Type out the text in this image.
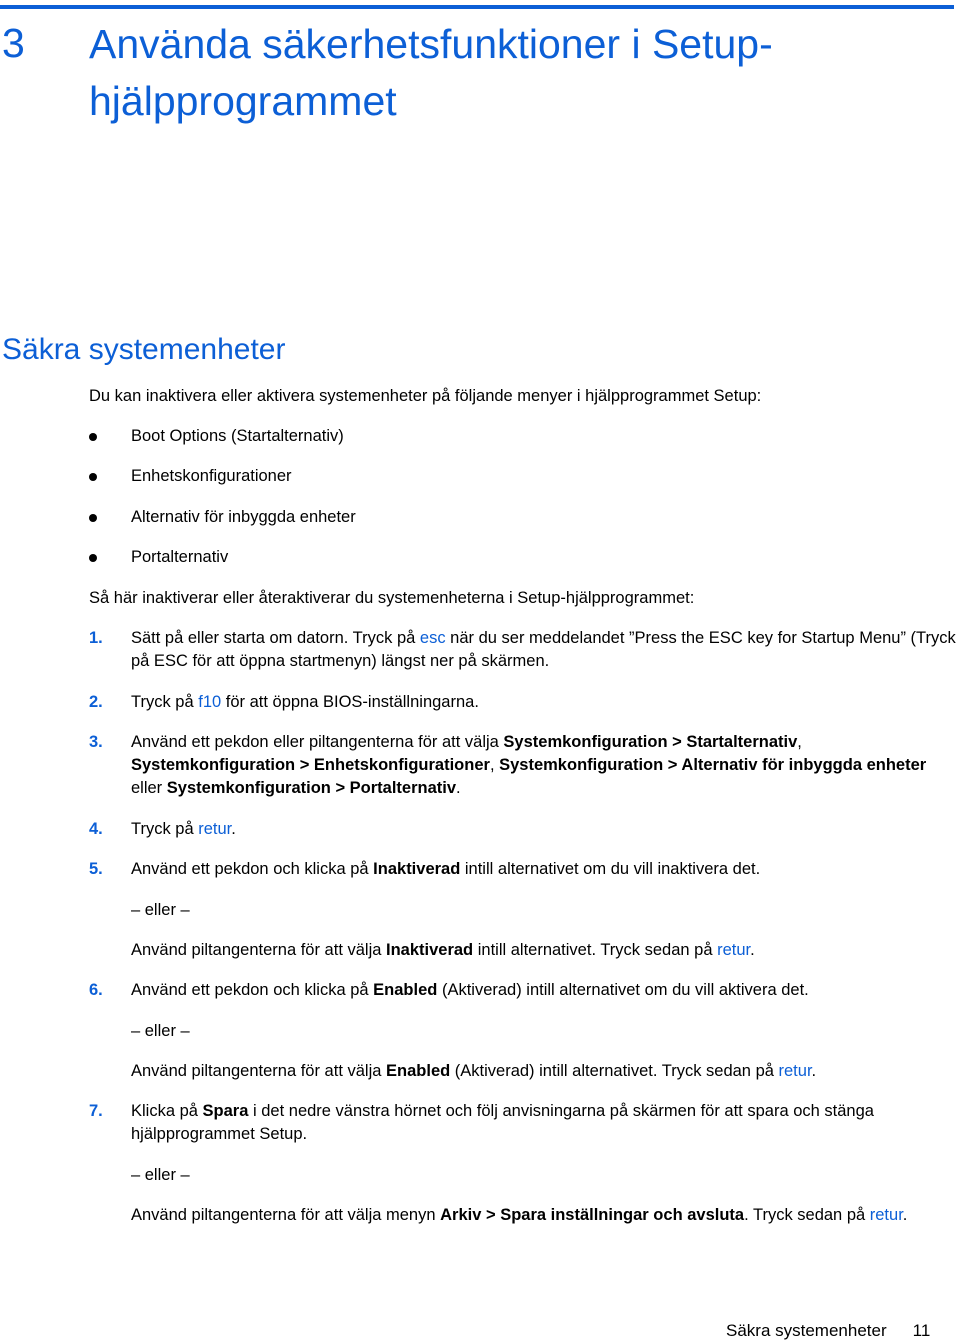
3 Använda säkerhetsfunktioner i Setup-hjälpprogrammet
Säkra systemenheter
Du kan inaktivera eller aktivera systemenheter på följande menyer i hjälpprogrammet Setup:
Boot Options (Startalternativ)
Enhetskonfigurationer
Alternativ för inbyggda enheter
Portalternativ
Så här inaktiverar eller återaktiverar du systemenheterna i Setup-hjälpprogrammet:
1. Sätt på eller starta om datorn. Tryck på esc när du ser meddelandet ”Press the ESC key for Startup Menu” (Tryck på ESC för att öppna startmenyn) längst ner på skärmen.
2. Tryck på f10 för att öppna BIOS-inställningarna.
3. Använd ett pekdon eller piltangenterna för att välja Systemkonfiguration > Startalternativ, Systemkonfiguration > Enhetskonfigurationer, Systemkonfiguration > Alternativ för inbyggda enheter eller Systemkonfiguration > Portalternativ.
4. Tryck på retur.
5. Använd ett pekdon och klicka på Inaktiverad intill alternativet om du vill inaktivera det.
– eller –
Använd piltangenterna för att välja Inaktiverad intill alternativet. Tryck sedan på retur.
6. Använd ett pekdon och klicka på Enabled (Aktiverad) intill alternativet om du vill aktivera det.
– eller –
Använd piltangenterna för att välja Enabled (Aktiverad) intill alternativet. Tryck sedan på retur.
7. Klicka på Spara i det nedre vänstra hörnet och följ anvisningarna på skärmen för att spara och stänga hjälpprogrammet Setup.
– eller –
Använd piltangenterna för att välja menyn Arkiv > Spara inställningar och avsluta. Tryck sedan på retur.
Säkra systemenheter 11
